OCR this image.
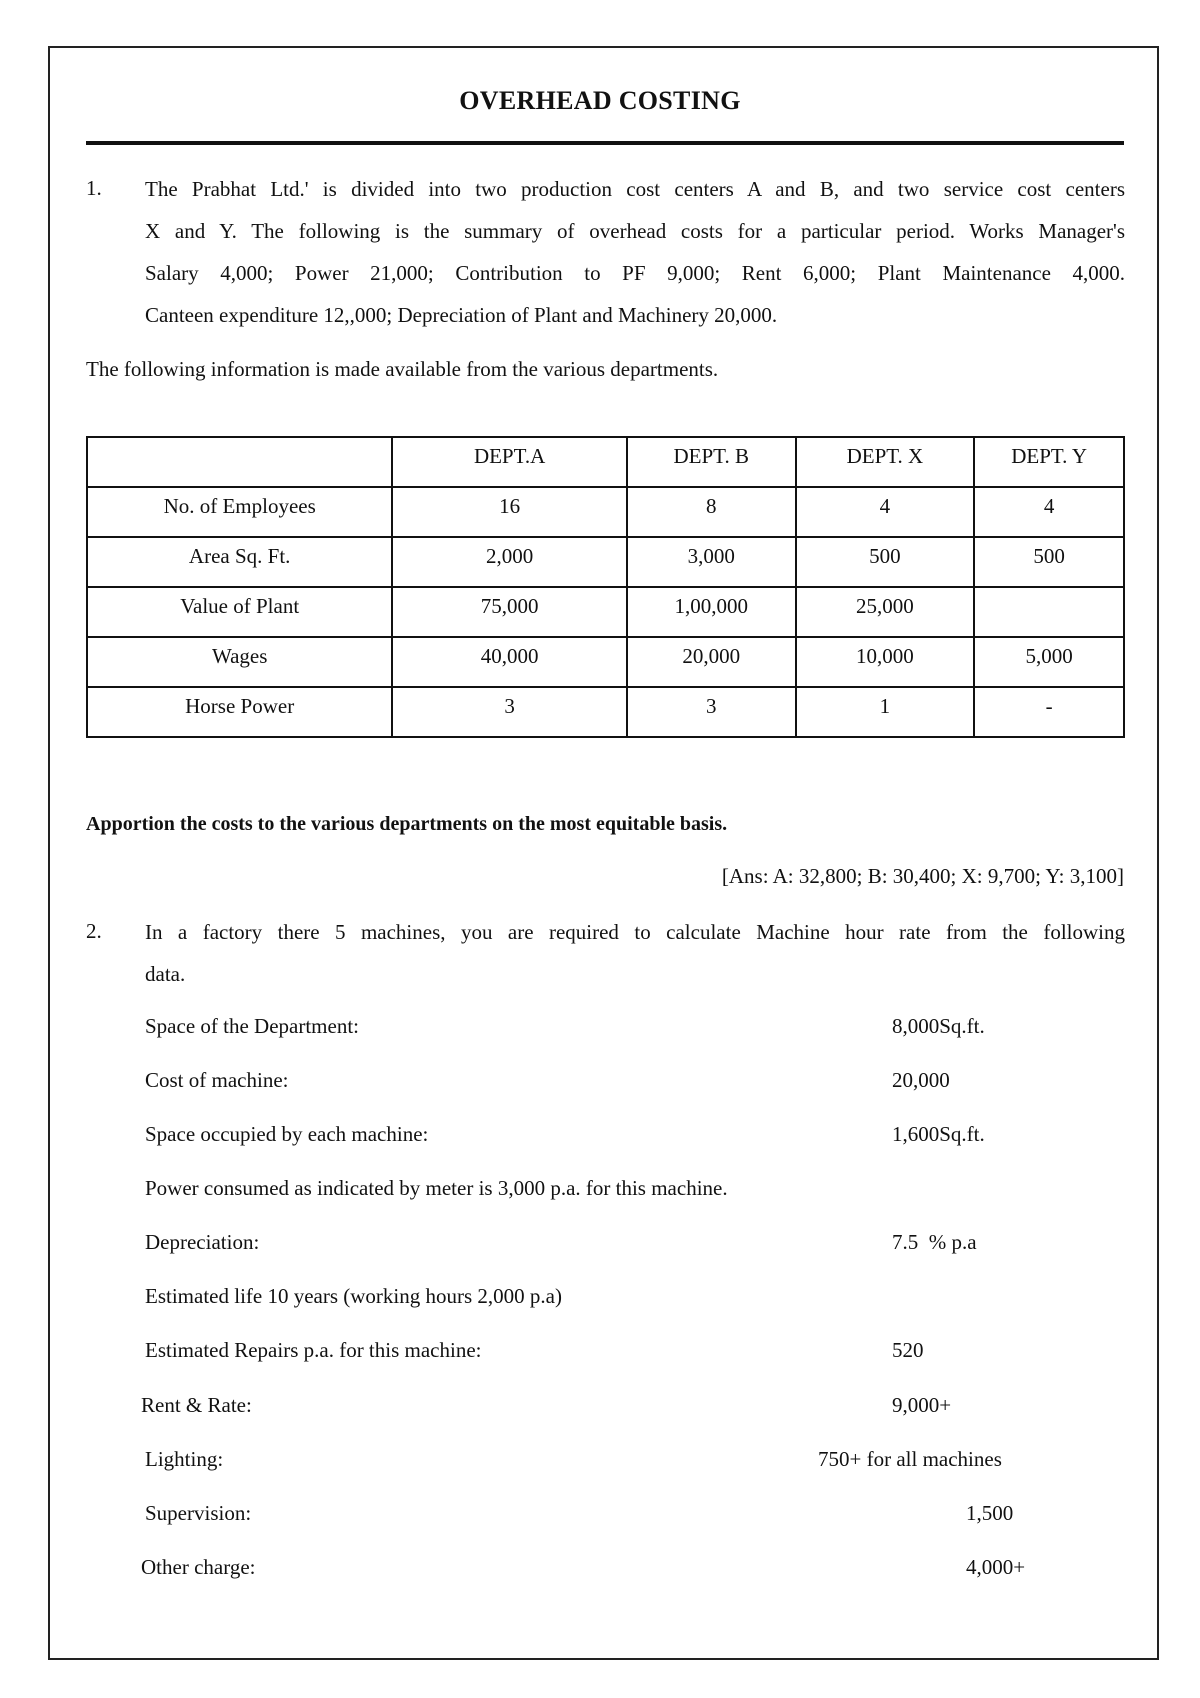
OVERHEAD COSTING
1. The Prabhat Ltd.' is divided into two production cost centers A and B, and two service cost centers
X and Y. The following is the summary of overhead costs for a particular period. Works Manager's
Salary 4,000; Power 21,000; Contribution to PF 9,000; Rent 6,000; Plant Maintenance 4,000.
Canteen expenditure 12,,000; Depreciation of Plant and Machinery 20,000.
The following information is made available from the various departments.
	DEPT.A	DEPT. B	DEPT. X	DEPT. Y
No. of Employees	16	8	4	4
Area Sq. Ft.	2,000	3,000	500	500
Value of Plant	75,000	1,00,000	25,000	
Wages	40,000	20,000	10,000	5,000
Horse Power	3	3	1	-
Apportion the costs to the various departments on the most equitable basis.
[Ans: A: 32,800; B: 30,400; X: 9,700; Y: 3,100]
2. In a factory there 5 machines, you are required to calculate Machine hour rate from the following
data.
Space of the Department:	8,000Sq.ft.
Cost of machine:	20,000
Space occupied by each machine:	1,600Sq.ft.
Power consumed as indicated by meter is 3,000 p.a. for this machine.
Depreciation:	7.5  % p.a
Estimated life 10 years (working hours 2,000 p.a)
Estimated Repairs p.a. for this machine:	520
Rent & Rate:	9,000+
Lighting:	750+ for all machines
Supervision:	1,500
Other charge:	4,000+
